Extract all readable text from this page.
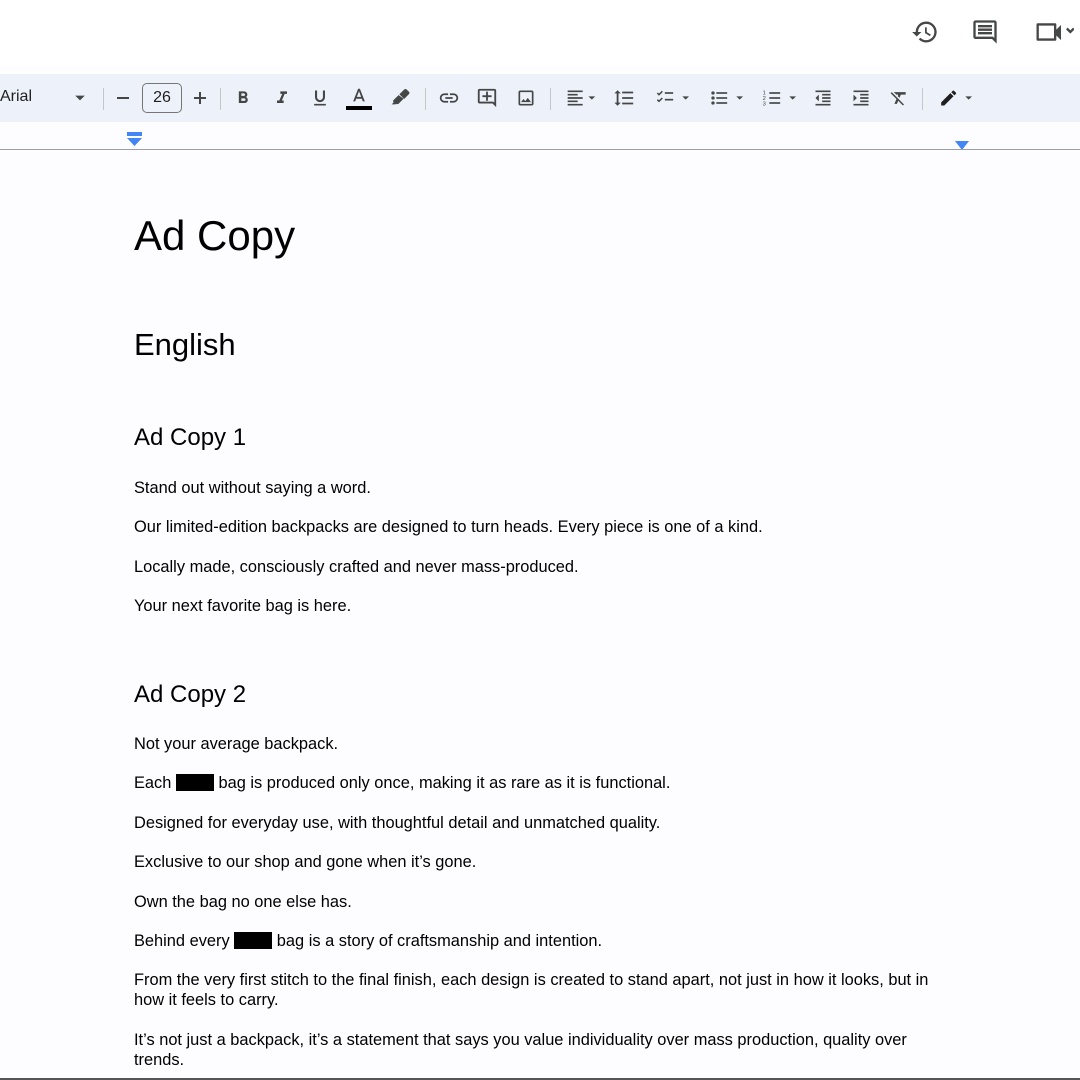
Arial	26	1
2
3
Ad Copy
English
Ad Copy 1
Stand out without saying a word.
Our limited-edition backpacks are designed to turn heads. Every piece is one of a kind.
Locally made, consciously crafted and never mass-produced.
Your next favorite bag is here.
Ad Copy 2
Not your average backpack.
Each	bag is produced only once, making it as rare as it is functional.
Designed for everyday use, with thoughtful detail and unmatched quality.
Exclusive to our shop and gone when it’s gone.
Own the bag no one else has.
Behind every	bag is a story of craftsmanship and intention.
From the very first stitch to the final finish, each design is created to stand apart, not just in how it looks, but in how it feels to carry.
It’s not just a backpack, it’s a statement that says you value individuality over mass production, quality over trends.
